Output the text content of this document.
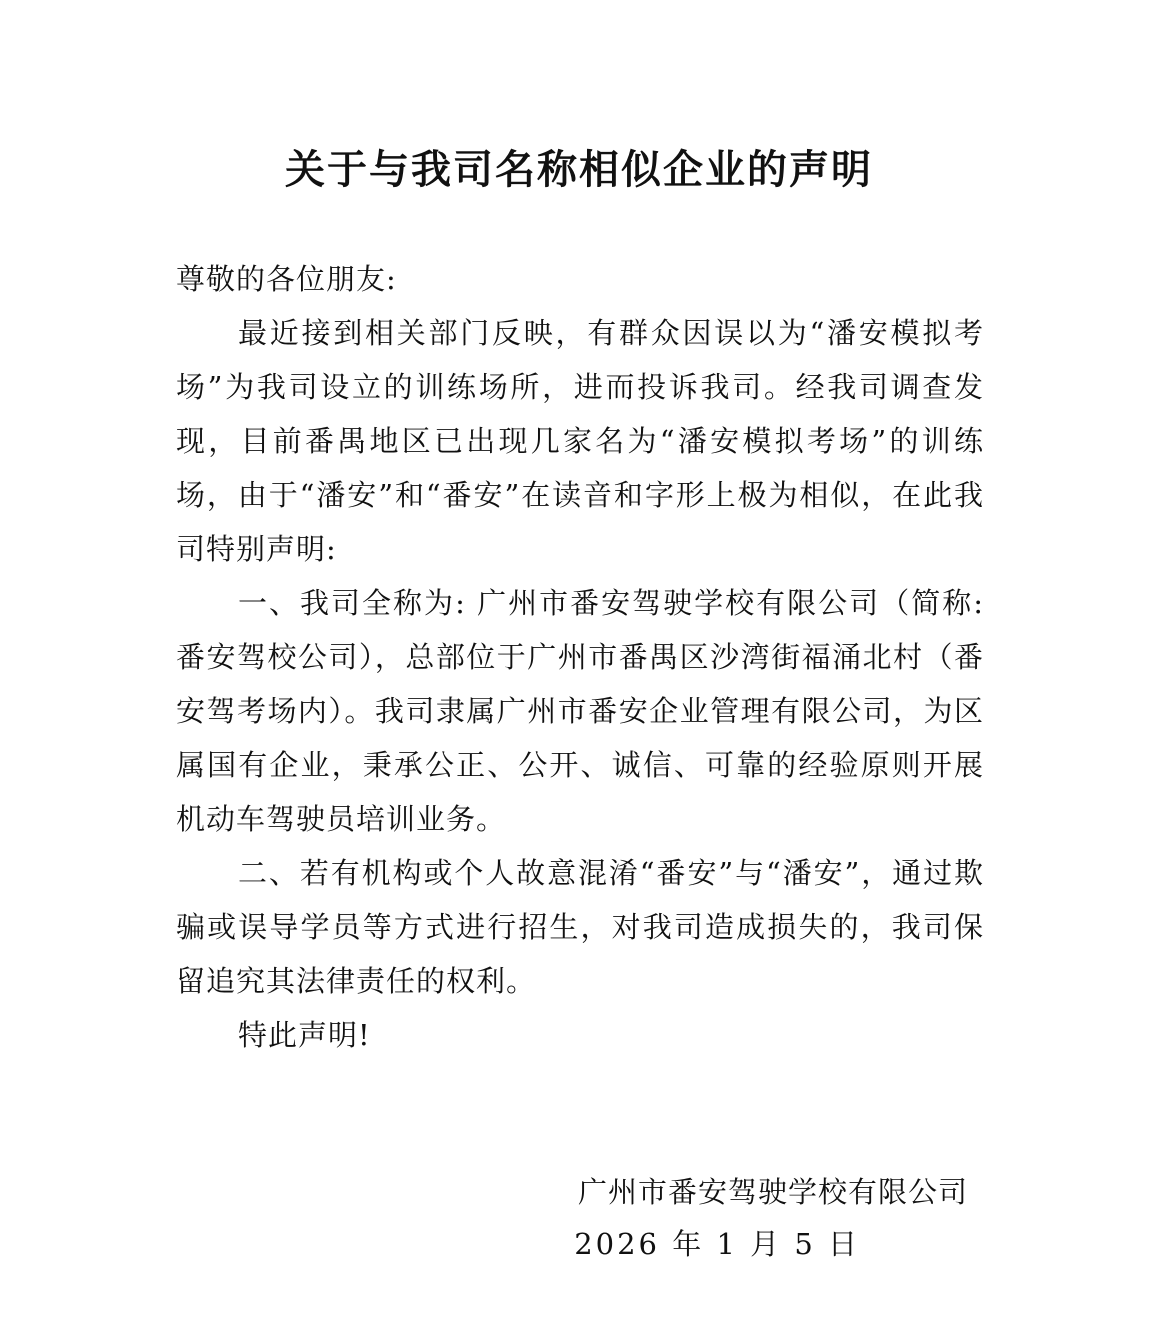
关于与我司名称相似企业的声明

尊敬的各位朋友:

最近接到相关部门反映，有群众因误以为“潘安模拟考场”为我司设立的训练场所，进而投诉我司。经我司调查发现，目前番禺地区已出现几家名为“潘安模拟考场”的训练场，由于“潘安”和“番安”在读音和字形上极为相似，在此我司特别声明:

一、我司全称为: 广州市番安驾驶学校有限公司（简称: 番安驾校公司），总部位于广州市番禺区沙湾街福涌北村（番安驾考场内）。我司隶属广州市番安企业管理有限公司，为区属国有企业，秉承公正、公开、诚信、可靠的经验原则开展机动车驾驶员培训业务。

二、若有机构或个人故意混淆“番安”与“潘安”，通过欺骗或误导学员等方式进行招生，对我司造成损失的，我司保留追究其法律责任的权利。

特此声明!

广州市番安驾驶学校有限公司
2026 年 1 月 5 日
